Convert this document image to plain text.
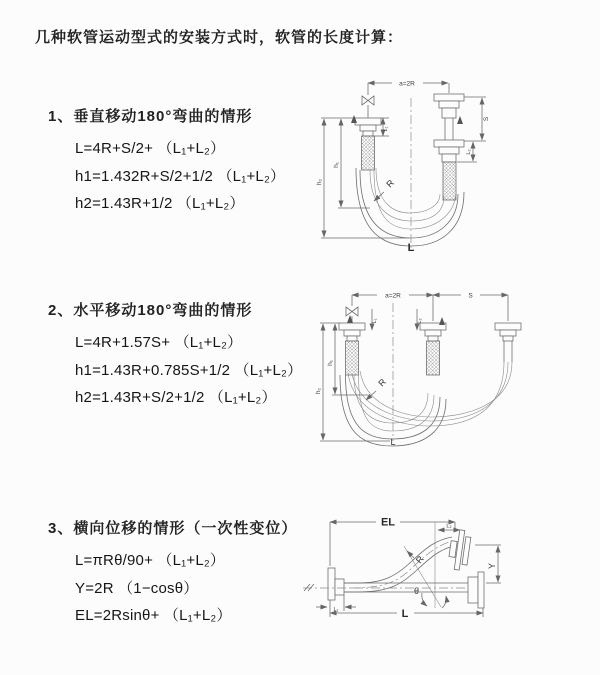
几种软管运动型式的安装方式时，软管的长度计算：
1、垂直移动180°弯曲的情形
L=4R+S/2+ （L₁+L₂）
h1=1.432R+S/2+1/2 （L₁+L₂）
h2=1.43R+1/2 （L₁+L₂）
2、水平移动180°弯曲的情形
L=4R+1.57S+ （L₁+L₂）
h1=1.43R+0.785S+1/2 （L₁+L₂）
h2=1.43R+S/2+1/2 （L₁+L₂）
3、横向位移的情形（一次性变位）
L=πRθ/90+ （L₁+L₂）
Y=2R （1−cosθ）
EL=2Rsinθ+ （L₁+L₂）
a=2R
R
L
h₂
h₁
L₁
S
L₂
a=2R	S
R
L
h₂
h₁
L₁	L₂
EL	L₂
θ
R
Y
L
L₁
